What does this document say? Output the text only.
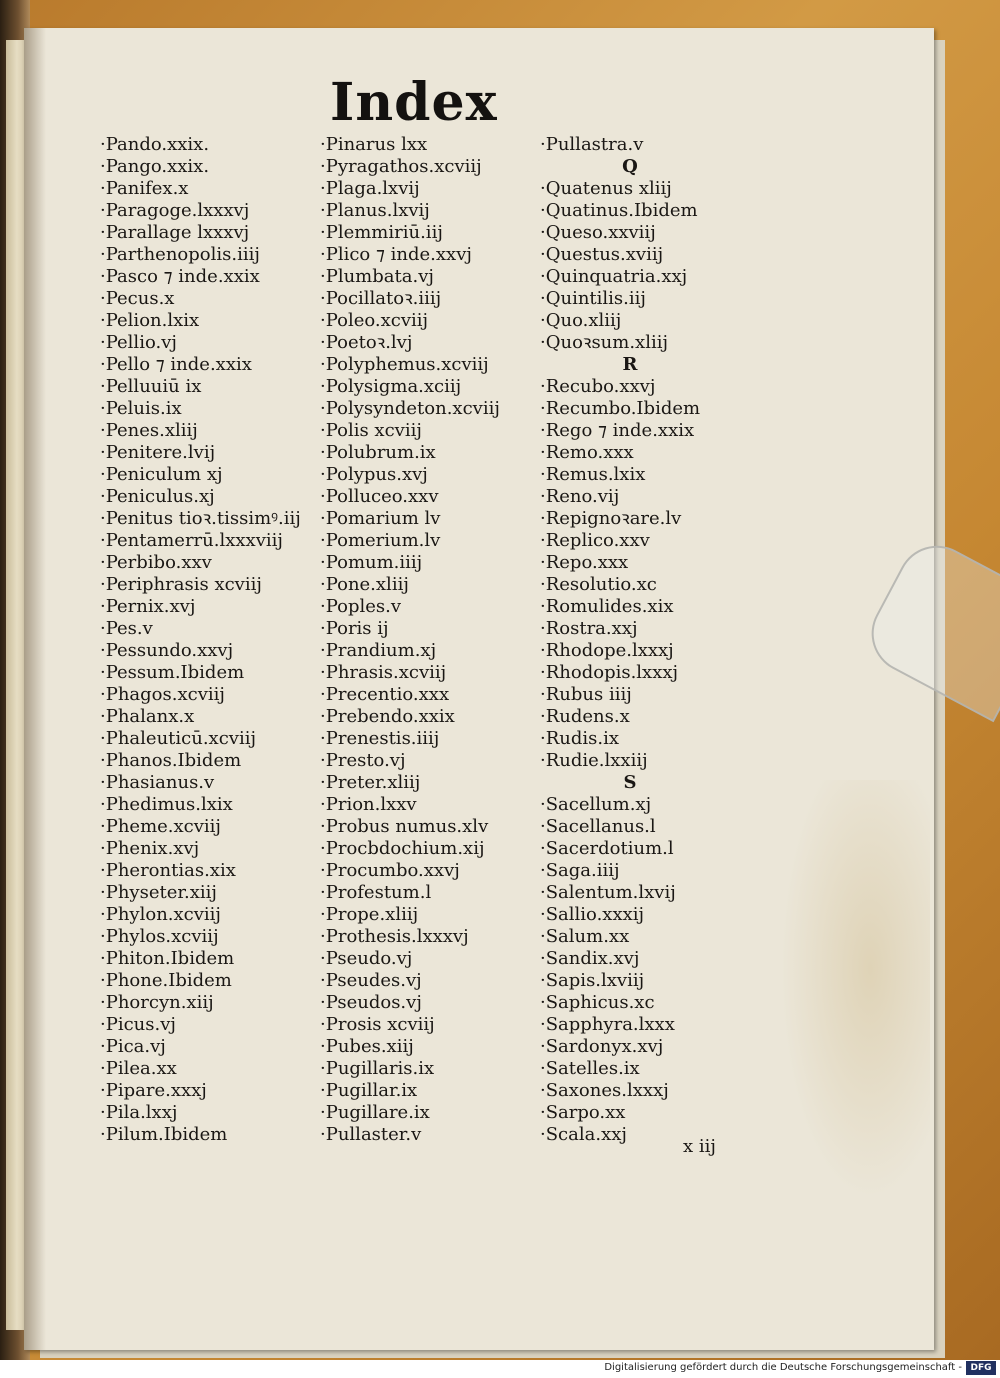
Index
·Pando.xxix.
·Pango.xxix.
·Panifex.x
·Paragoge.lxxxvj
·Parallage lxxxvj
·Parthenopolis.iiij
·Pasco ⁊ inde.xxix
·Pecus.x
·Pelion.lxix
·Pellio.vj
·Pello ⁊ inde.xxix
·Pelluuiū ix
·Peluis.ix
·Penes.xliij
·Penitere.lvij
·Peniculum xj
·Peniculus.xj
·Penitus tioꝛ.tissimꝰ.iij
·Pentamerrū.lxxxviij
·Perbibo.xxv
·Periphrasis xcviij
·Pernix.xvj
·Pes.v
·Pessundo.xxvj
·Pessum.Ibidem
·Phagos.xcviij
·Phalanx.x
·Phaleuticū.xcviij
·Phanos.Ibidem
·Phasianus.v
·Phedimus.lxix
·Pheme.xcviij
·Phenix.xvj
·Pherontias.xix
·Physeter.xiij
·Phylon.xcviij
·Phylos.xcviij
·Phiton.Ibidem
·Phone.Ibidem
·Phorcyn.xiij
·Picus.vj
·Pica.vj
·Pilea.xx
·Pipare.xxxj
·Pila.lxxj
·Pilum.Ibidem
·Pinarus lxx
·Pyragathos.xcviij
·Plaga.lxvij
·Planus.lxvij
·Plemmiriū.iij
·Plico ⁊ inde.xxvj
·Plumbata.vj
·Pocillatoꝛ.iiij
·Poleo.xcviij
·Poetoꝛ.lvj
·Polyphemus.xcviij
·Polysigma.xciij
·Polysyndeton.xcviij
·Polis xcviij
·Polubrum.ix
·Polypus.xvj
·Polluceo.xxv
·Pomarium lv
·Pomerium.lv
·Pomum.iiij
·Pone.xliij
·Poples.v
·Poris ij
·Prandium.xj
·Phrasis.xcviij
·Precentio.xxx
·Prebendo.xxix
·Prenestis.iiij
·Presto.vj
·Preter.xliij
·Prion.lxxv
·Probus numus.xlv
·Procbdochium.xij
·Procumbo.xxvj
·Profestum.l
·Prope.xliij
·Prothesis.lxxxvj
·Pseudo.vj
·Pseudes.vj
·Pseudos.vj
·Prosis xcviij
·Pubes.xiij
·Pugillaris.ix
·Pugillar.ix
·Pugillare.ix
·Pullaster.v
·Pullastra.v
Q
·Quatenus xliij
·Quatinus.Ibidem
·Queso.xxviij
·Questus.xviij
·Quinquatria.xxj
·Quintilis.iij
·Quo.xliij
·Quoꝛsum.xliij
R
·Recubo.xxvj
·Recumbo.Ibidem
·Rego ⁊ inde.xxix
·Remo.xxx
·Remus.lxix
·Reno.vij
·Repignoꝛare.lv
·Replico.xxv
·Repo.xxx
·Resolutio.xc
·Romulides.xix
·Rostra.xxj
·Rhodope.lxxxj
·Rhodopis.lxxxj
·Rubus iiij
·Rudens.x
·Rudis.ix
·Rudie.lxxiij
S
·Sacellum.xj
·Sacellanus.l
·Sacerdotium.l
·Saga.iiij
·Salentum.lxvij
·Sallio.xxxij
·Salum.xx
·Sandix.xvj
·Sapis.lxviij
·Saphicus.xc
·Sapphyra.lxxx
·Sardonyx.xvj
·Satelles.ix
·Saxones.lxxxj
·Sarpo.xx
·Scala.xxj
x iij
Digitalisierung gefördert durch die Deutsche Forschungsgemeinschaft - DFG
